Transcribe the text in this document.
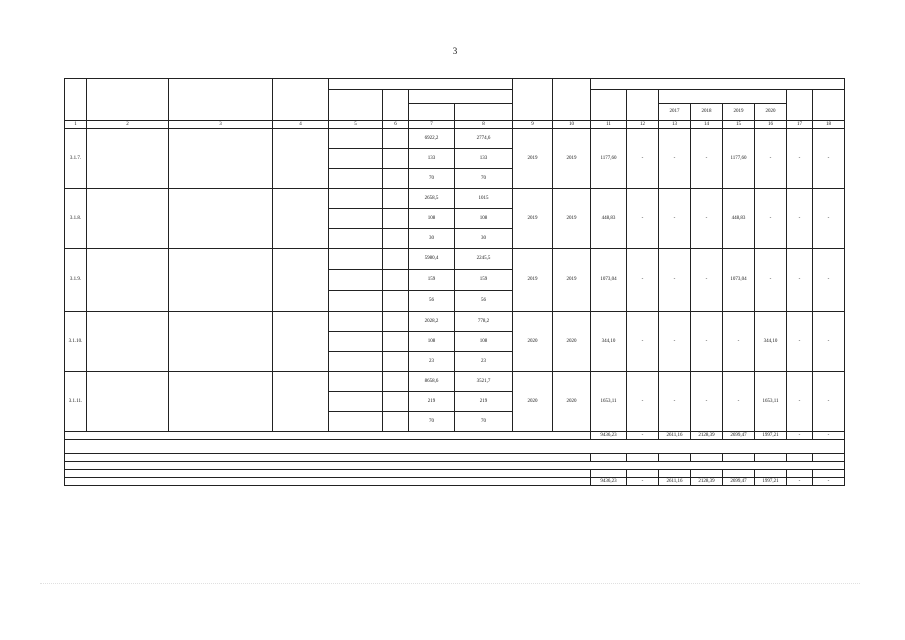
3

												2017	2018	2019	2020		
1	2	3	4	5	6	7	8	9	10	11	12	13	14	15	16	17	18
3.1.7.						6922,2	2774,6	2019	2019	1177,60	-	-	-	1177,60	-	-	-
						133	133										
						70	70										
3.1.8.						2658,5	1015	2019	2019	448,83	-	-	-	448,83	-	-	-
						108	108										
						30	30										
3.1.9.						5980,4	2245,5	2019	2019	1073,04	-	-	-	1073,04	-	-	-
						159	159										
						56	56										
3.1.10.						2028,2	778,2	2020	2020	344,10	-	-	-	-	344,10	-	-
						108	108										
						23	23										
3.1.11.						8658,6	3521,7	2020	2020	1653,11	-	-	-	-	1653,11	-	-
						219	219										
						70	70										
										9436,23	-	2611,16	2128,39	2699,47	1997,21	-	-

										9436,23	-	2611,16	2128,39	2699,47	1997,21	-	-
